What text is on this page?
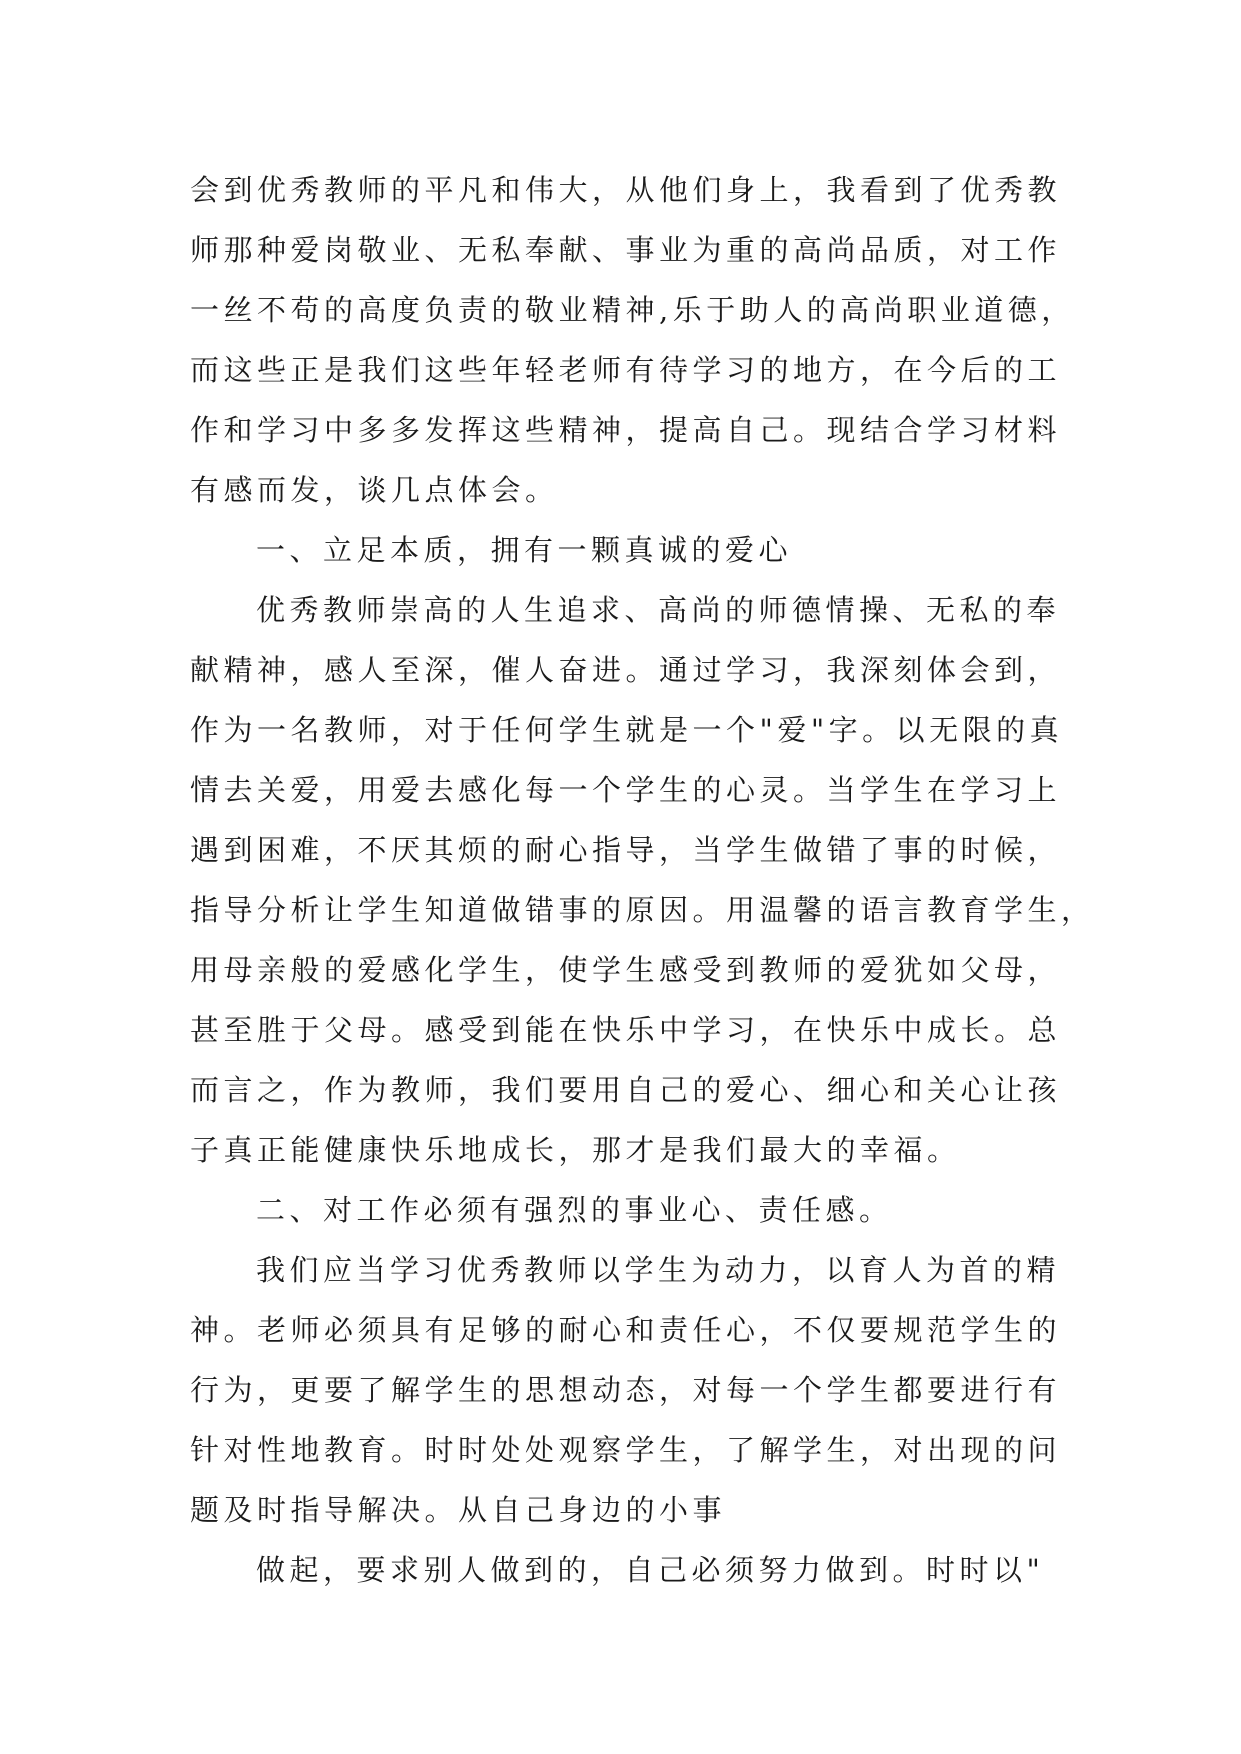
会到优秀教师的平凡和伟大，从他们身上，我看到了优秀教

师那种爱岗敬业、无私奉献、事业为重的高尚品质，对工作

一丝不苟的高度负责的敬业精神,乐于助人的高尚职业道德，

而这些正是我们这些年轻老师有待学习的地方，在今后的工

作和学习中多多发挥这些精神，提高自己。现结合学习材料

有感而发，谈几点体会。

一、立足本质，拥有一颗真诚的爱心

优秀教师崇高的人生追求、高尚的师德情操、无私的奉

献精神，感人至深，催人奋进。通过学习，我深刻体会到，

作为一名教师，对于任何学生就是一个"爱"字。以无限的真

情去关爱，用爱去感化每一个学生的心灵。当学生在学习上

遇到困难，不厌其烦的耐心指导，当学生做错了事的时候，

指导分析让学生知道做错事的原因。用温馨的语言教育学生，

用母亲般的爱感化学生，使学生感受到教师的爱犹如父母，

甚至胜于父母。感受到能在快乐中学习，在快乐中成长。总

而言之，作为教师，我们要用自己的爱心、细心和关心让孩

子真正能健康快乐地成长，那才是我们最大的幸福。

二、对工作必须有强烈的事业心、责任感。

我们应当学习优秀教师以学生为动力，以育人为首的精

神。老师必须具有足够的耐心和责任心，不仅要规范学生的

行为，更要了解学生的思想动态，对每一个学生都要进行有

针对性地教育。时时处处观察学生，了解学生，对出现的问

题及时指导解决。从自己身边的小事

做起，要求别人做到的，自己必须努力做到。时时以"
